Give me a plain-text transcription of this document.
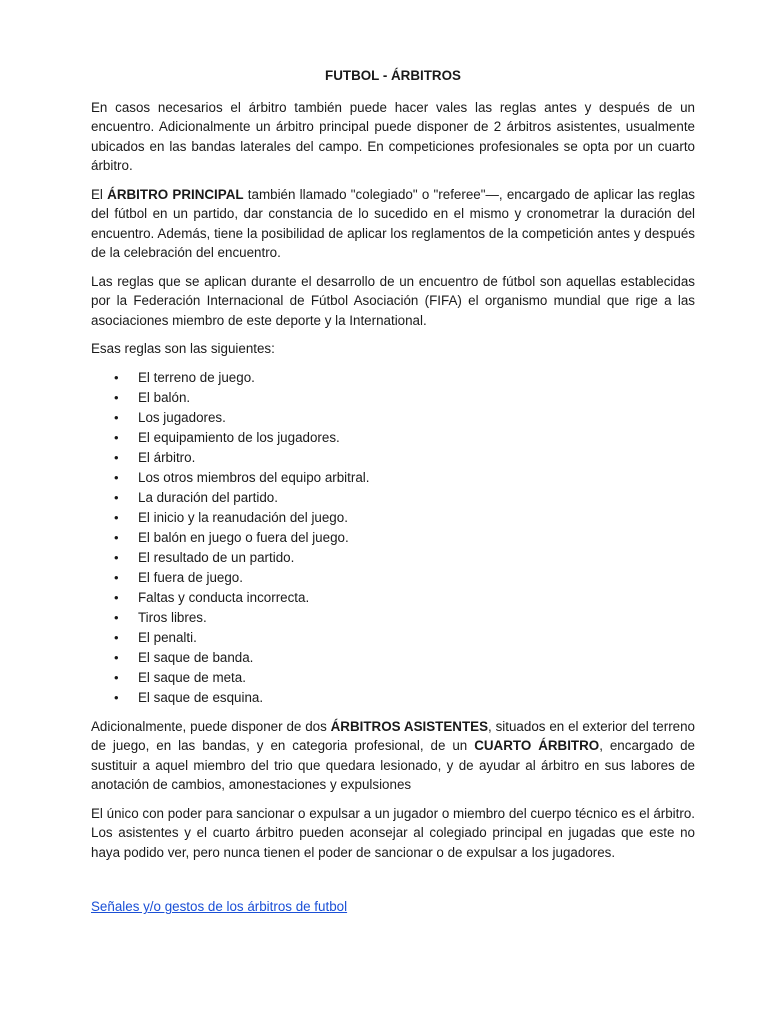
FUTBOL - ÁRBITROS

En casos necesarios el árbitro también puede hacer vales las reglas antes y después de un encuentro. Adicionalmente un árbitro principal puede disponer de 2 árbitros asistentes, usualmente ubicados en las bandas laterales del campo. En competiciones profesionales se opta por un cuarto árbitro.

El ÁRBITRO PRINCIPAL también llamado "colegiado" o "referee"—, encargado de aplicar las reglas del fútbol en un partido, dar constancia de lo sucedido en el mismo y cronometrar la duración del encuentro. Además, tiene la posibilidad de aplicar los reglamentos de la competición antes y después de la celebración del encuentro.

Las reglas que se aplican durante el desarrollo de un encuentro de fútbol son aquellas establecidas por la Federación Internacional de Fútbol Asociación (FIFA) el organismo mundial que rige a las asociaciones miembro de este deporte y la International.

Esas reglas son las siguientes:

• El terreno de juego.
• El balón.
• Los jugadores.
• El equipamiento de los jugadores.
• El árbitro.
• Los otros miembros del equipo arbitral.
• La duración del partido.
• El inicio y la reanudación del juego.
• El balón en juego o fuera del juego.
• El resultado de un partido.
• El fuera de juego.
• Faltas y conducta incorrecta.
• Tiros libres.
• El penalti.
• El saque de banda.
• El saque de meta.
• El saque de esquina.

Adicionalmente, puede disponer de dos ÁRBITROS ASISTENTES, situados en el exterior del terreno de juego, en las bandas, y en categoria profesional, de un CUARTO ÁRBITRO, encargado de sustituir a aquel miembro del trio que quedara lesionado, y de ayudar al árbitro en sus labores de anotación de cambios, amonestaciones y expulsiones

El único con poder para sancionar o expulsar a un jugador o miembro del cuerpo técnico es el árbitro. Los asistentes y el cuarto árbitro pueden aconsejar al colegiado principal en jugadas que este no haya podido ver, pero nunca tienen el poder de sancionar o de expulsar a los jugadores.

Señales y/o gestos de los árbitros de futbol
